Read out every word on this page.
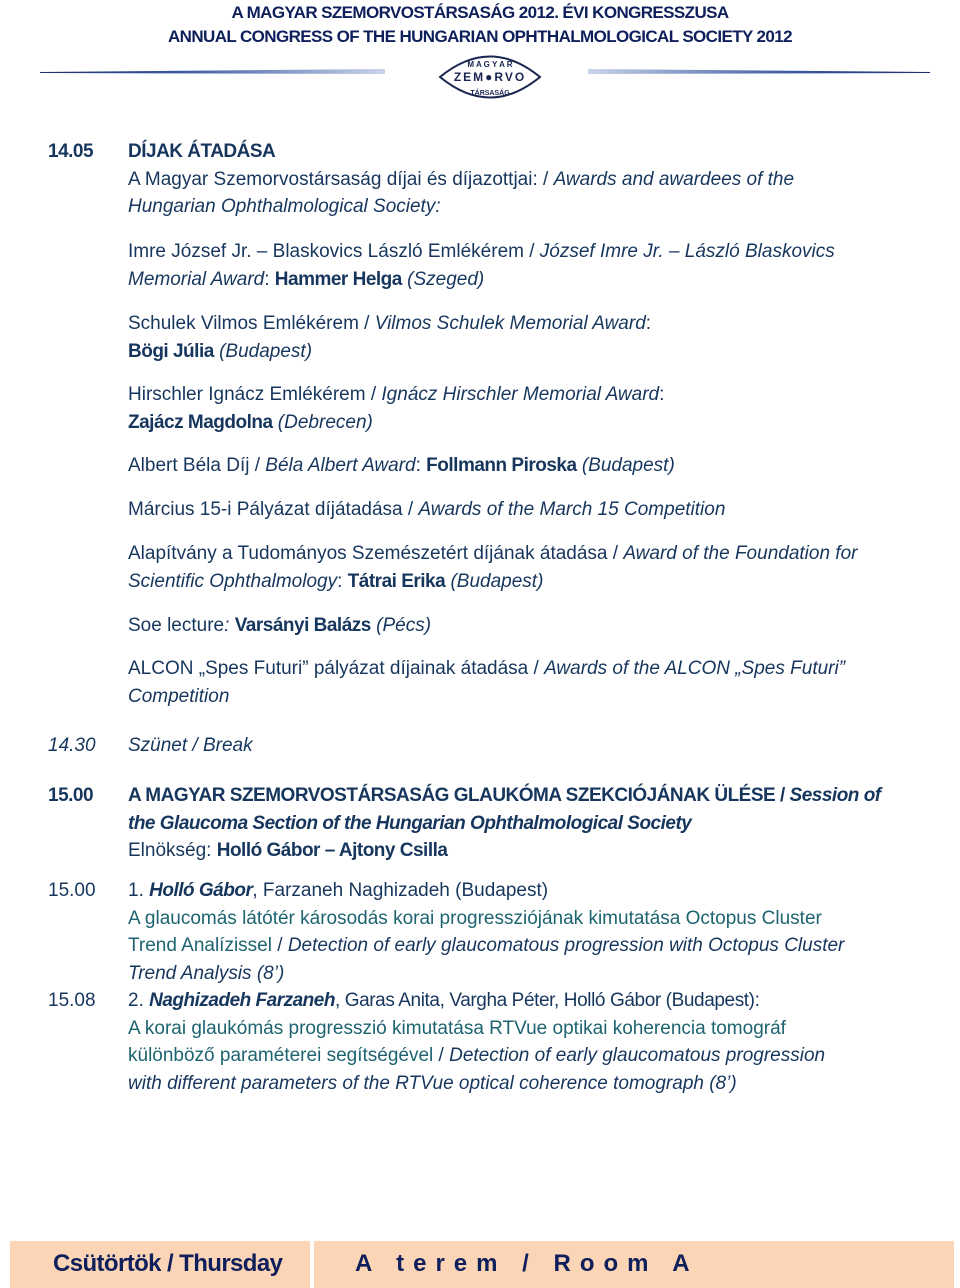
A MAGYAR SZEMORVOSTÁRSASÁG 2012. ÉVI KONGRESSZUSA
ANNUAL CONGRESS OF THE HUNGARIAN OPHTHALMOLOGICAL SOCIETY 2012
M A G Y A R
ZEM●RVO
TÁRSASÁG
14.05 DÍJAK ÁTADÁSA
A Magyar Szemorvostársaság díjai és díjazottjai: / Awards and awardees of the
Hungarian Ophthalmological Society:
Imre József Jr. – Blaskovics László Emlékérem / József Imre Jr. – László Blaskovics
Memorial Award: Hammer Helga (Szeged)
Schulek Vilmos Emlékérem / Vilmos Schulek Memorial Award:
Bögi Júlia (Budapest)
Hirschler Ignácz Emlékérem / Ignácz Hirschler Memorial Award:
Zajácz Magdolna (Debrecen)
Albert Béla Díj / Béla Albert Award: Follmann Piroska (Budapest)
Március 15-i Pályázat díjátadása / Awards of the March 15 Competition
Alapítvány a Tudományos Szemészetért díjának átadása / Award of the Foundation for
Scientific Ophthalmology: Tátrai Erika (Budapest)
Soe lecture: Varsányi Balázs (Pécs)
ALCON „Spes Futuri” pályázat díjainak átadása / Awards of the ALCON „Spes Futuri”
Competition
14.30 Szünet / Break
15.00 A MAGYAR SZEMORVOSTÁRSASÁG GLAUKÓMA SZEKCIÓJÁNAK ÜLÉSE / Session of
the Glaucoma Section of the Hungarian Ophthalmological Society
Elnökség: Holló Gábor – Ajtony Csilla
15.00 1. Holló Gábor, Farzaneh Naghizadeh (Budapest)
A glaucomás látótér károsodás korai progressziójának kimutatása Octopus Cluster
Trend Analízissel / Detection of early glaucomatous progression with Octopus Cluster
Trend Analysis (8’)
15.08 2. Naghizadeh Farzaneh, Garas Anita, Vargha Péter, Holló Gábor (Budapest):
A korai glaukómás progresszió kimutatása RTVue optikai koherencia tomográf
különböző paraméterei segítségével / Detection of early glaucomatous progression
with different parameters of the RTVue optical coherence tomograph (8’)
Csütörtök / Thursday	A terem / Room A
